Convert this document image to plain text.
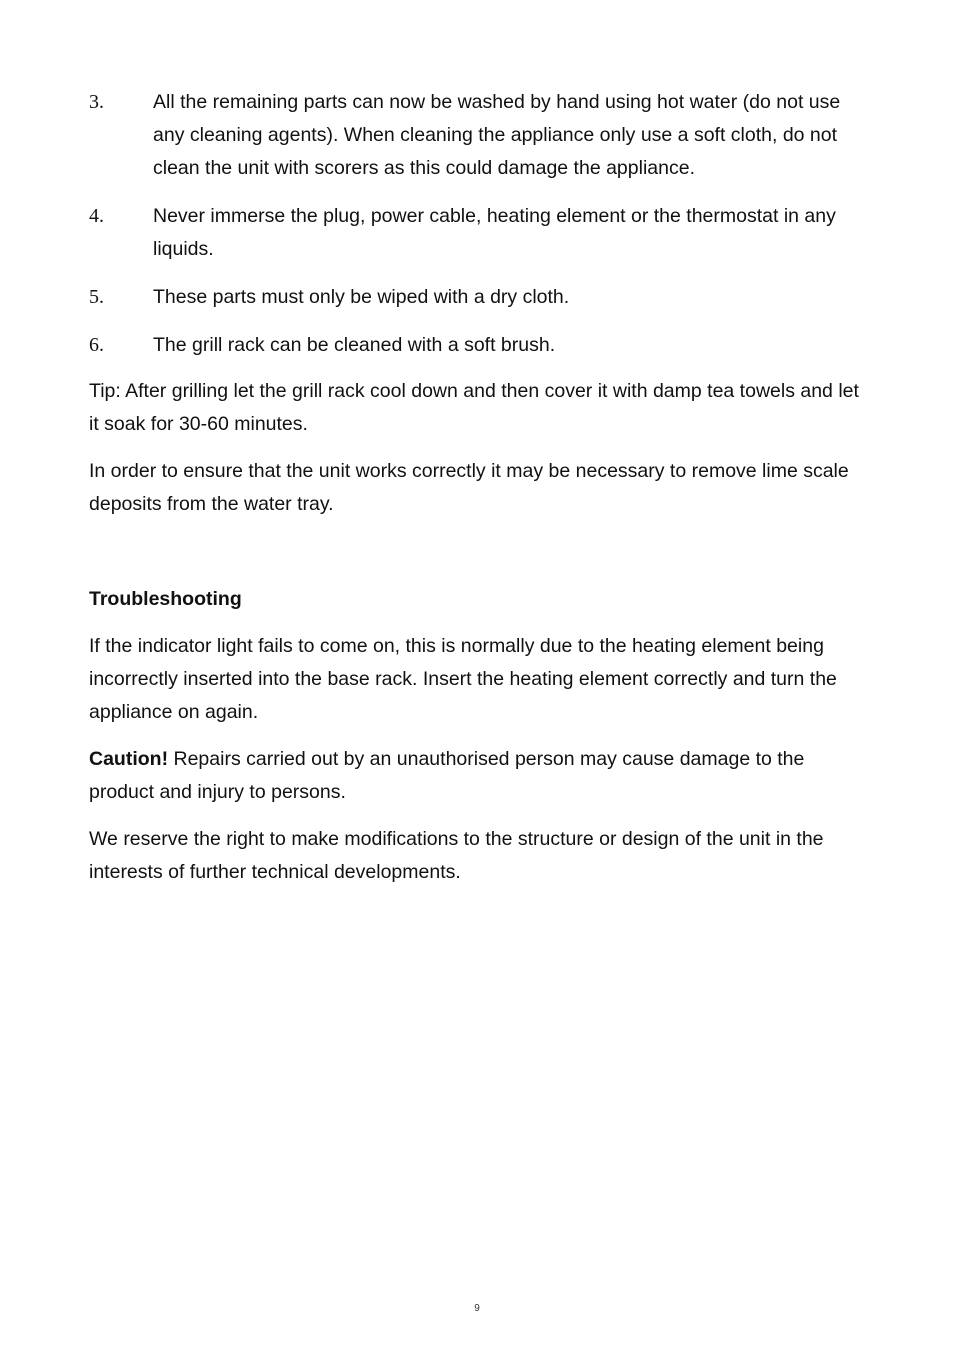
3.	All the remaining parts can now be washed by hand using hot water (do not use any cleaning agents). When cleaning the appliance only use a soft cloth, do not clean the unit with scorers as this could damage the appliance.
4.	Never immerse the plug, power cable, heating element or the thermostat in any liquids.
5.	These parts must only be wiped with a dry cloth.
6.	The grill rack can be cleaned with a soft brush.

Tip: After grilling let the grill rack cool down and then cover it with damp tea towels and let it soak for 30-60 minutes.

In order to ensure that the unit works correctly it may be necessary to remove lime scale deposits from the water tray.

Troubleshooting

If the indicator light fails to come on, this is normally due to the heating element being incorrectly inserted into the base rack. Insert the heating element correctly and turn the appliance on again.

Caution! Repairs carried out by an unauthorised person may cause damage to the product and injury to persons.

We reserve the right to make modifications to the structure or design of the unit in the interests of further technical developments.

9
